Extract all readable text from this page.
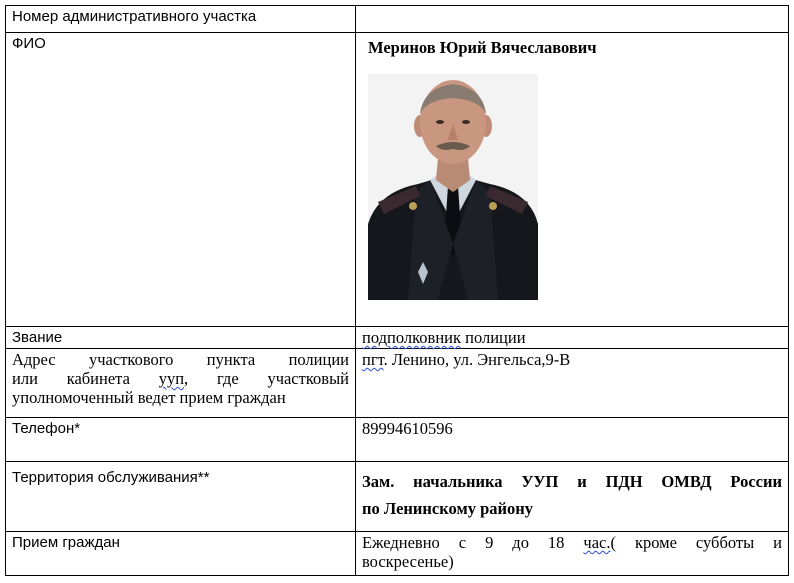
Номер административного участка	
ФИО	Меринов Юрий Вячеславович

Звание	подполковник полиции

Адрес участкового пункта полиции
или кабинета ууп, где участковый
уполномоченный ведет прием граждан	пгт. Ленино, ул. Энгельса,9-В
Телефон*	89994610596
Территория обслуживания**	Зам. начальника УУП и ПДН ОМВД России
по Ленинскому району

Прием граждан	Ежедневно с 9 до 18 час.( кроме субботы и
воскресенье)
